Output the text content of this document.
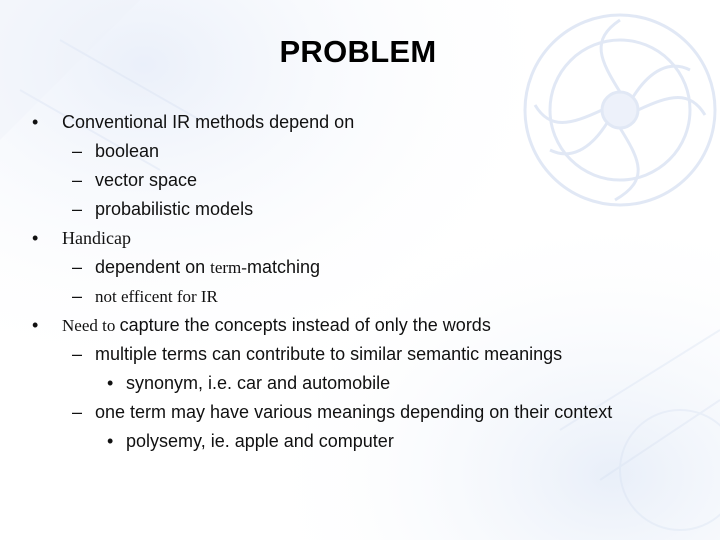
PROBLEM
• Conventional IR methods depend on
– boolean
– vector space
– probabilistic models
• Handicap
– dependent on term-matching
– not efficent for IR
• Need to capture the concepts instead of only the words
– multiple terms can contribute to similar semantic meanings
• synonym, i.e. car and automobile
– one term may have various meanings depending on their context
• polysemy, ie. apple and computer
